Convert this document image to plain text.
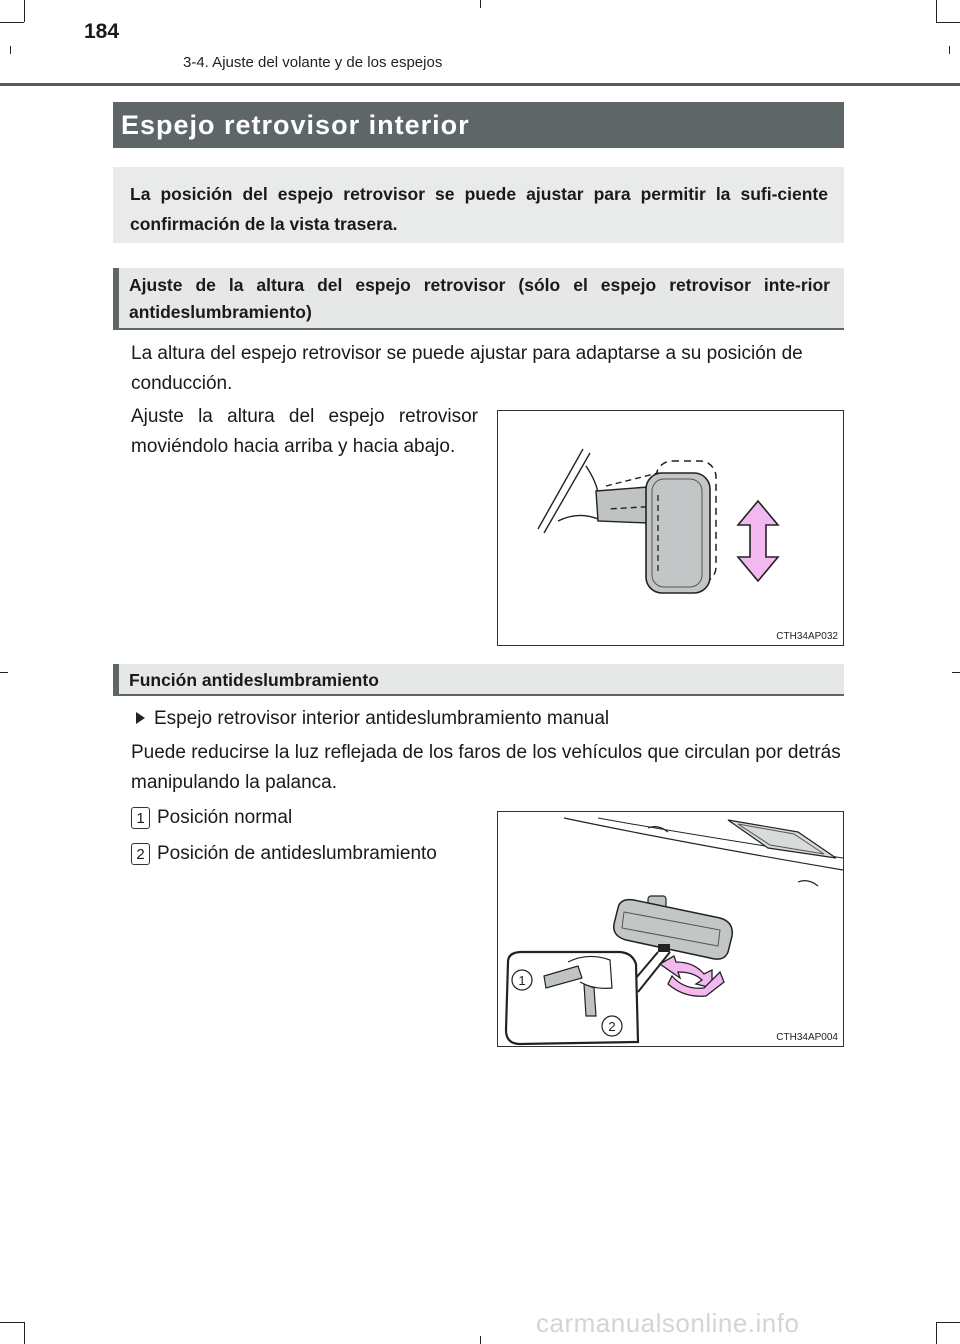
184
3-4. Ajuste del volante y de los espejos
Espejo retrovisor interior
La posición del espejo retrovisor se puede ajustar para permitir la sufi-ciente confirmación de la vista trasera.
Ajuste de la altura del espejo retrovisor (sólo el espejo retrovisor inte-rior antideslumbramiento)
La altura del espejo retrovisor se puede ajustar para adaptarse a su posición de conducción.
Ajuste la altura del espejo retrovisor moviéndolo hacia arriba y hacia abajo.
CTH34AP032
Función antideslumbramiento
Espejo retrovisor interior antideslumbramiento manual
Puede reducirse la luz reflejada de los faros de los vehículos que circulan por detrás manipulando la palanca.
1 Posición normal
2 Posición de antideslumbramiento
1
2
CTH34AP004
carmanualsonline.info
